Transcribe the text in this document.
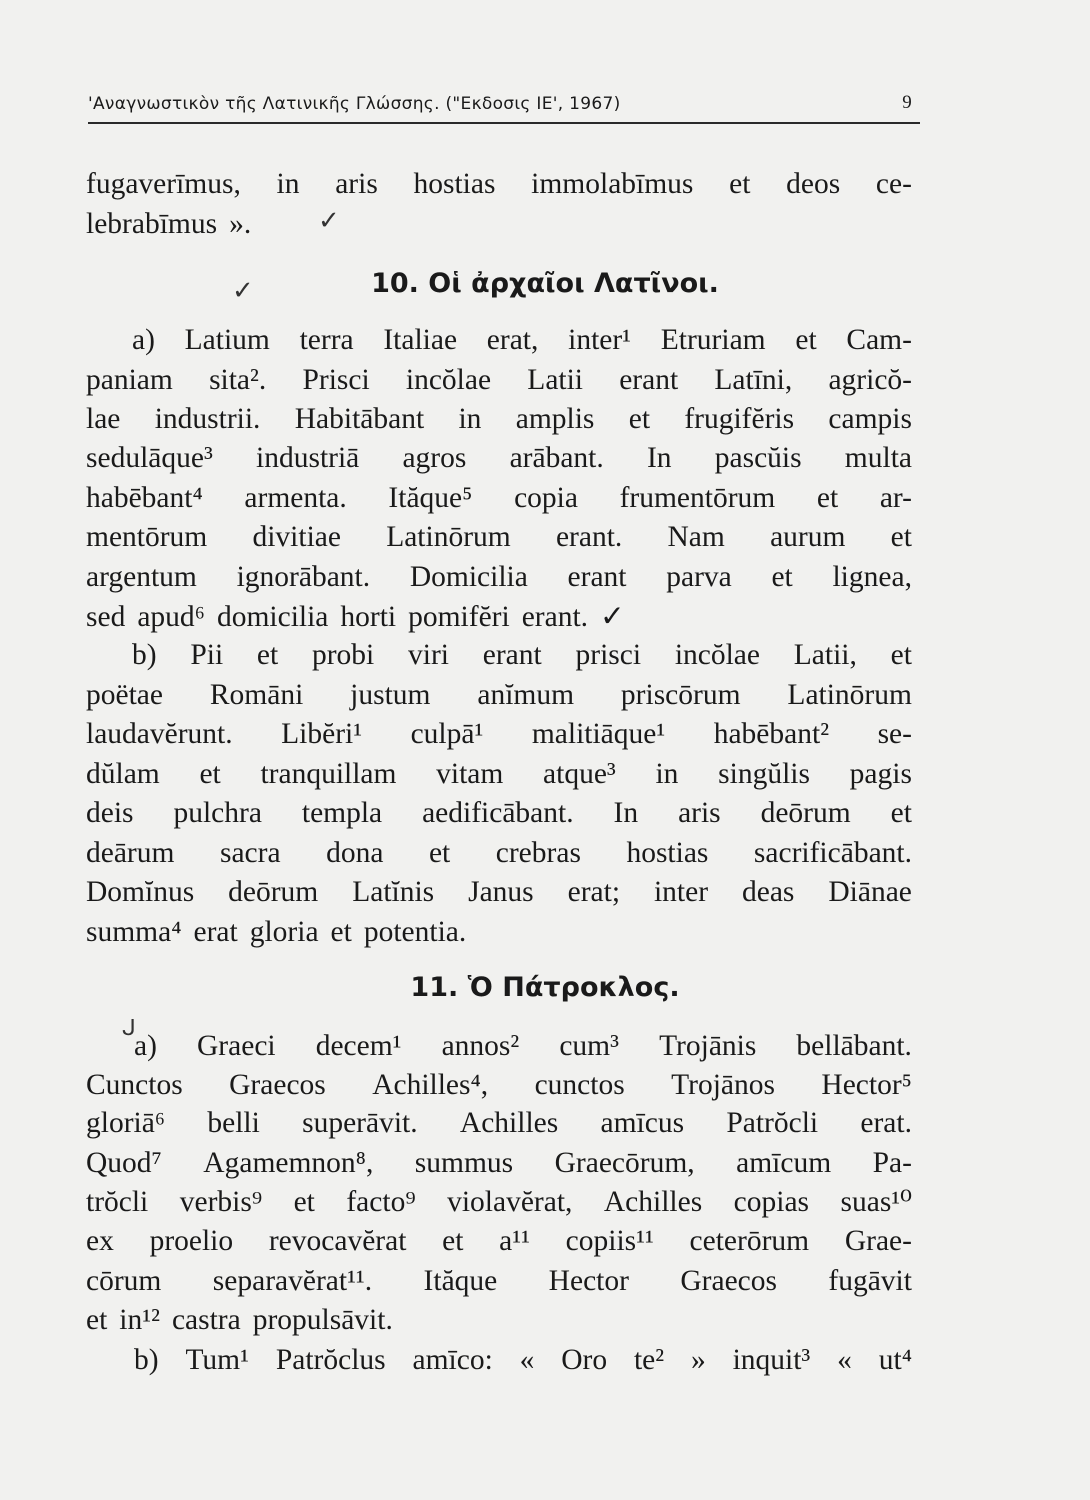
'Αναγνωστικὸν τῆς Λατινικῆς Γλώσσης. ("Εκδοσις ΙΕ', 1967)	9
fugaverīmus, in aris hostias immolabīmus et deos ce-
lebrabīmus ».
10. Οἱ ἀρχαῖοι Λατῖνοι.
a) Latium terra Italiae erat, inter¹ Etruriam et Cam-
paniam sita². Prisci incŏlae Latii erant Latīni, agricŏ-
lae industrii. Habitābant in amplis et frugifĕris campis
sedulāque³ industriā agros arābant. In pascŭis multa
habēbant⁴ armenta. Ităque⁵ copia frumentōrum et ar-
mentōrum divitiae Latinōrum erant. Nam aurum et
argentum ignorābant. Domicilia erant parva et lignea,
sed apud⁶ domicilia horti pomifĕri erant. ✓
b) Pii et probi viri erant prisci incŏlae Latii, et
poëtae Romāni justum anĭmum priscōrum Latinōrum
laudavĕrunt. Libĕri¹ culpā¹ malitiāque¹ habēbant² se-
dŭlam et tranquillam vitam atque³ in singŭlis pagis
deis pulchra templa aedificābant. In aris deōrum et
deārum sacra dona et crebras hostias sacrificābant.
Domĭnus deōrum Latĭnis Janus erat; inter deas Diānae
summa⁴ erat gloria et potentia.
11. Ὁ Πάτροκλος.
a) Graeci decem¹ annos² cum³ Trojānis bellābant.
Cunctos Graecos Achilles⁴, cunctos Trojānos Hector⁵
gloriā⁶ belli superāvit. Achilles amīcus Patrŏcli erat.
Quod⁷ Agamemnon⁸, summus Graecōrum, amīcum Pa-
trŏcli verbis⁹ et facto⁹ violavĕrat, Achilles copias suas¹⁰
ex proelio revocavĕrat et a¹¹ copiis¹¹ ceterōrum Grae-
cōrum separavĕrat¹¹. Ităque Hector Graecos fugāvit
et in¹² castra propulsāvit.
b) Tum¹ Patrŏclus amīco: « Oro te² » inquit³ « ut⁴
✓
✓
ᒍ
